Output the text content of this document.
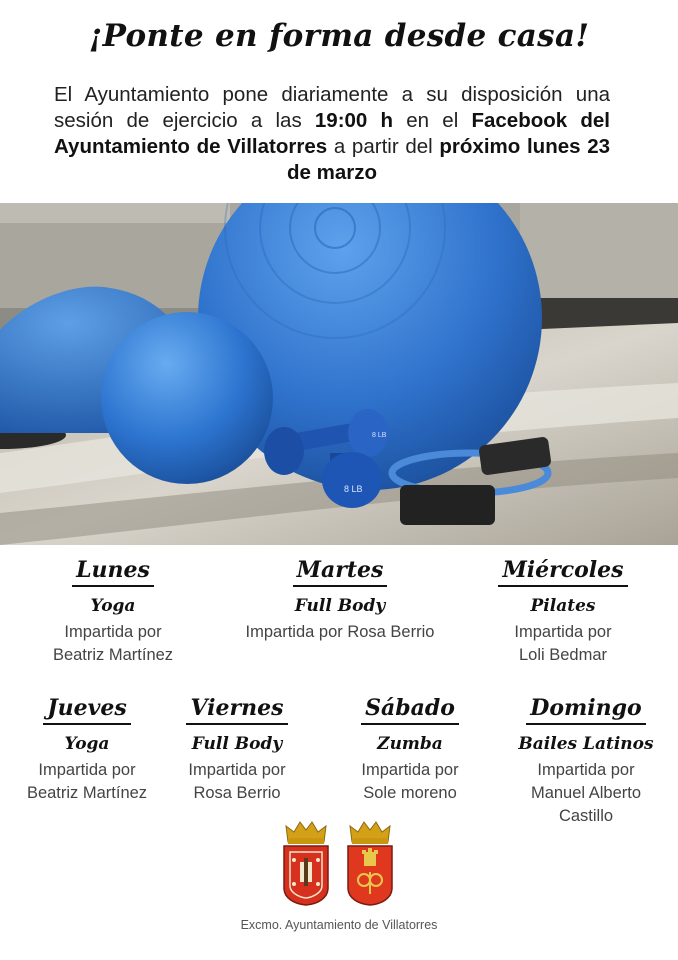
¡Ponte en forma desde casa!
El Ayuntamiento pone diariamente a su disposición una sesión de ejercicio a las 19:00 h en el Facebook del Ayuntamiento de Villatorres a partir del próximo lunes 23 de marzo
8 LB
8 LB
Lunes
Yoga
Impartida por
Beatriz Martínez
Martes
Full Body
Impartida por Rosa Berrio
Miércoles
Pilates
Impartida por
Loli Bedmar
Jueves
Yoga
Impartida por
Beatriz Martínez
Viernes
Full Body
Impartida por
Rosa Berrio
Sábado
Zumba
Impartida por
Sole moreno
Domingo
Bailes Latinos
Impartida por
Manuel Alberto
Castillo
Excmo. Ayuntamiento de Villatorres
